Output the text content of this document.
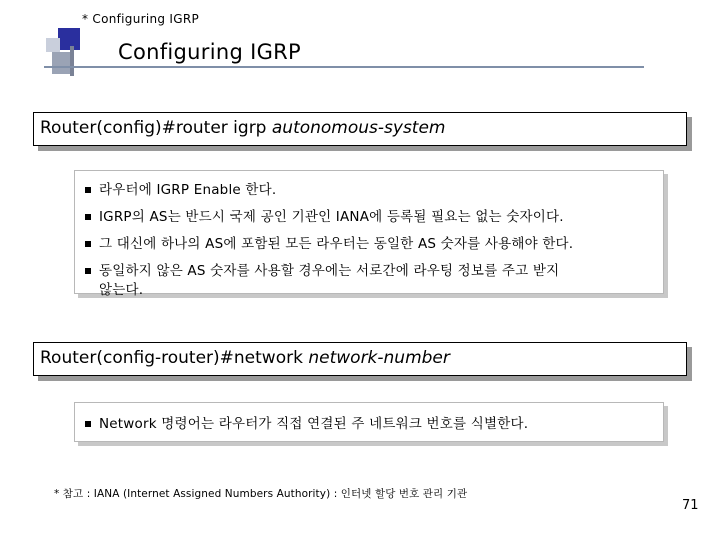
* Configuring IGRP
Configuring IGRP
Router(config)#router igrp autonomous-system
라우터에 IGRP Enable 한다.
IGRP의 AS는 반드시 국제 공인 기관인 IANA에 등록될 필요는 없는 숫자이다.
그 대신에 하나의 AS에 포함된 모든 라우터는 동일한 AS 숫자를 사용해야 한다.
동일하지 않은 AS 숫자를 사용할 경우에는 서로간에 라우팅 정보를 주고 받지
않는다.
Router(config-router)#network network-number
Network 명령어는 라우터가 직접 연결된 주 네트워크 번호를 식별한다.
* 참고 : IANA (Internet Assigned Numbers Authority) : 인터넷 할당 번호 관리 기관
71
